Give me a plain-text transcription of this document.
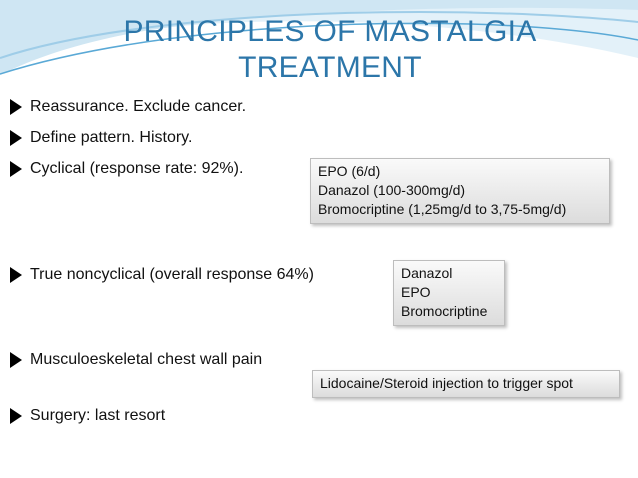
PRINCIPLES OF MASTALGIA
TREATMENT
Reassurance. Exclude cancer.
Define pattern. History.
Cyclical (response rate: 92%).
True noncyclical (overall response 64%)
Musculoeskeletal chest wall pain
Surgery: last resort
EPO (6/d)
Danazol (100-300mg/d)
Bromocriptine (1,25mg/d to 3,75-5mg/d)
Danazol
EPO
Bromocriptine
Lidocaine/Steroid injection to trigger spot
